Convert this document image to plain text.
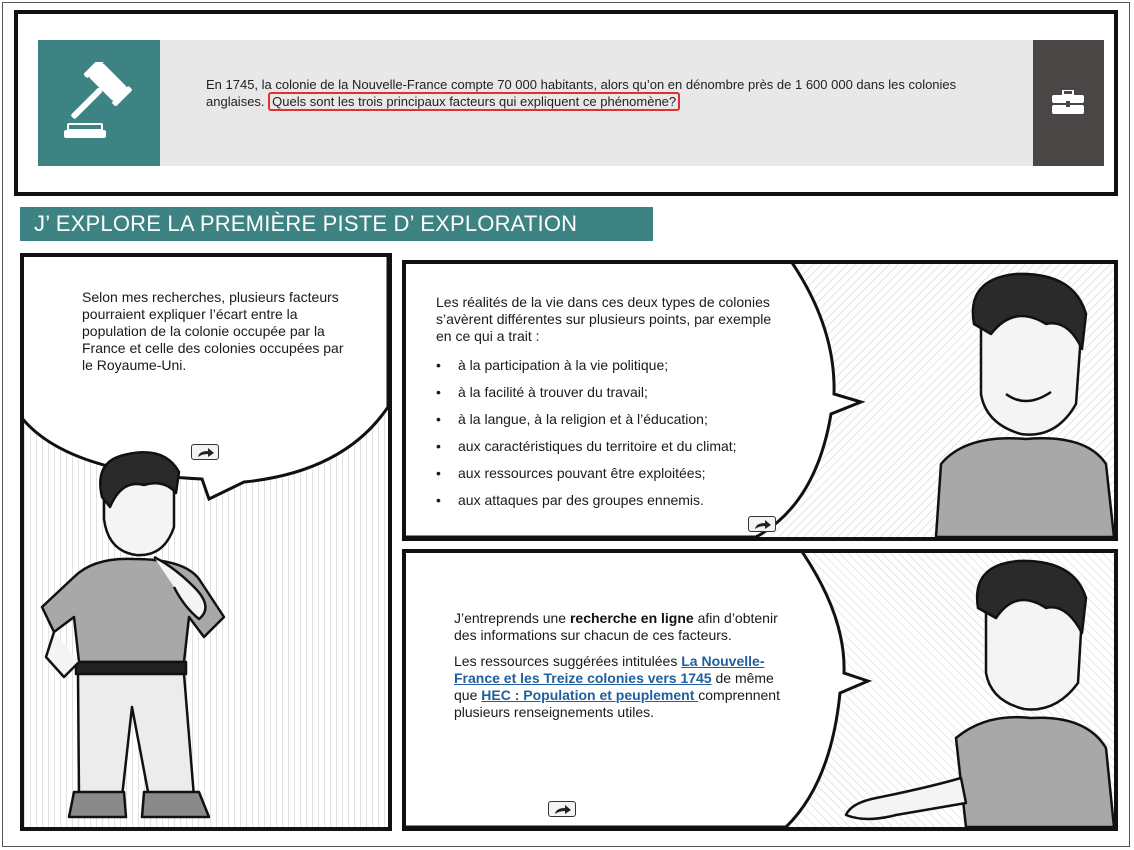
En 1745, la colonie de la Nouvelle-France compte 70 000 habitants, alors qu’on en dénombre près de 1 600 000 dans les colonies anglaises. Quels sont les trois principaux facteurs qui expliquent ce phénomène?
J’ EXPLORE LA PREMIÈRE PISTE D’ EXPLORATION
Selon mes recherches, plusieurs facteurs pourraient expliquer l’écart entre la population de la colonie occupée par la France et celle des colonies occupées par le Royaume-Uni.
Les réalités de la vie dans ces deux types de colonies s’avèrent différentes sur plusieurs points, par exemple en ce qui a trait :
• à la participation à la vie politique;
• à la facilité à trouver du travail;
• à la langue, à la religion et à l’éducation;
• aux caractéristiques du territoire et du climat;
• aux ressources pouvant être exploitées;
• aux attaques par des groupes ennemis.

J’entreprends une recherche en ligne afin d’obtenir des informations sur chacun de ces facteurs.

Les ressources suggérées intitulées La Nouvelle-France et les Treize colonies vers 1745 de même que HEC : Population et peuplement comprennent plusieurs renseignements utiles.
